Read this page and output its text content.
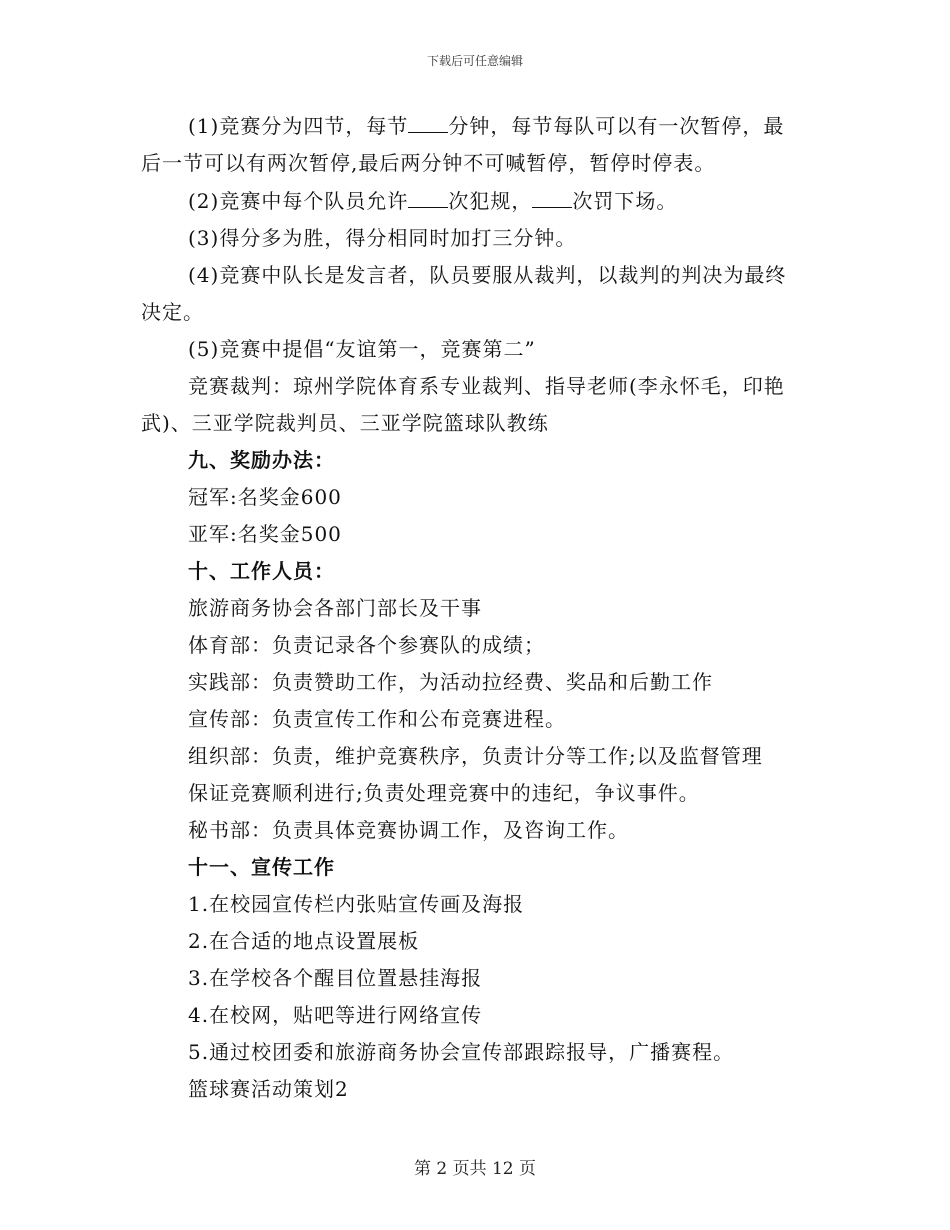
下载后可任意编辑
(1)竞赛分为四节，每节 分钟，每节每队可以有一次暂停，最
后一节可以有两次暂停,最后两分钟不可喊暂停，暂停时停表。
(2)竞赛中每个队员允许 次犯规， 次罚下场。
(3)得分多为胜，得分相同时加打三分钟。
(4)竞赛中队长是发言者，队员要服从裁判，以裁判的判决为最终
决定。
(5)竞赛中提倡“友谊第一，竞赛第二”
竞赛裁判：琼州学院体育系专业裁判、指导老师(李永怀毛，印艳
武)、三亚学院裁判员、三亚学院篮球队教练
九、奖励办法：
冠军:名奖金600
亚军:名奖金500
十、工作人员：
旅游商务协会各部门部长及干事
体育部：负责记录各个参赛队的成绩；
实践部：负责赞助工作，为活动拉经费、奖品和后勤工作
宣传部：负责宣传工作和公布竞赛进程。
组织部：负责，维护竞赛秩序，负责计分等工作;以及监督管理
保证竞赛顺利进行;负责处理竞赛中的违纪，争议事件。
秘书部：负责具体竞赛协调工作，及咨询工作。
十一、宣传工作
1.在校园宣传栏内张贴宣传画及海报
2.在合适的地点设置展板
3.在学校各个醒目位置悬挂海报
4.在校网，贴吧等进行网络宣传
5.通过校团委和旅游商务协会宣传部跟踪报导，广播赛程。
篮球赛活动策划2
第 2 页共 12 页
